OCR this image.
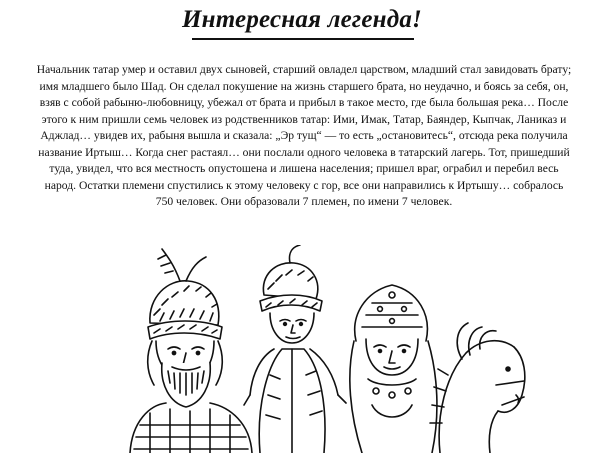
Интересная легенда!
Начальник татар умер и оставил двух сыновей, старший овладел царством, младший стал завидовать брату; имя младшего было Шад. Он сделал покушение на жизнь старшего брата, но неудачно, и боясь за себя, он, взяв с собой рабыню-любовницу, убежал от брата и прибыл в такое место, где была большая река… После этого к ним пришли семь человек из родственников татар: Ими, Имак, Татар, Баяндер, Кыпчак, Ланиказ и Аджлад… увидев их, рабыня вышла и сказала: „Эр тущ“ — то есть „остановитесь“, отсюда река получила название Иртыш… Когда снег растаял… они послали одного человека в татарский лагерь. Тот, пришедший туда, увидел, что вся местность опустошена и лишена населения; пришел враг, ограбил и перебил весь народ. Остатки племени спустились к этому человеку с гор, все они направились к Иртышу… собралось 750 человек. Они образовали 7 племен, по имени 7 человек.
